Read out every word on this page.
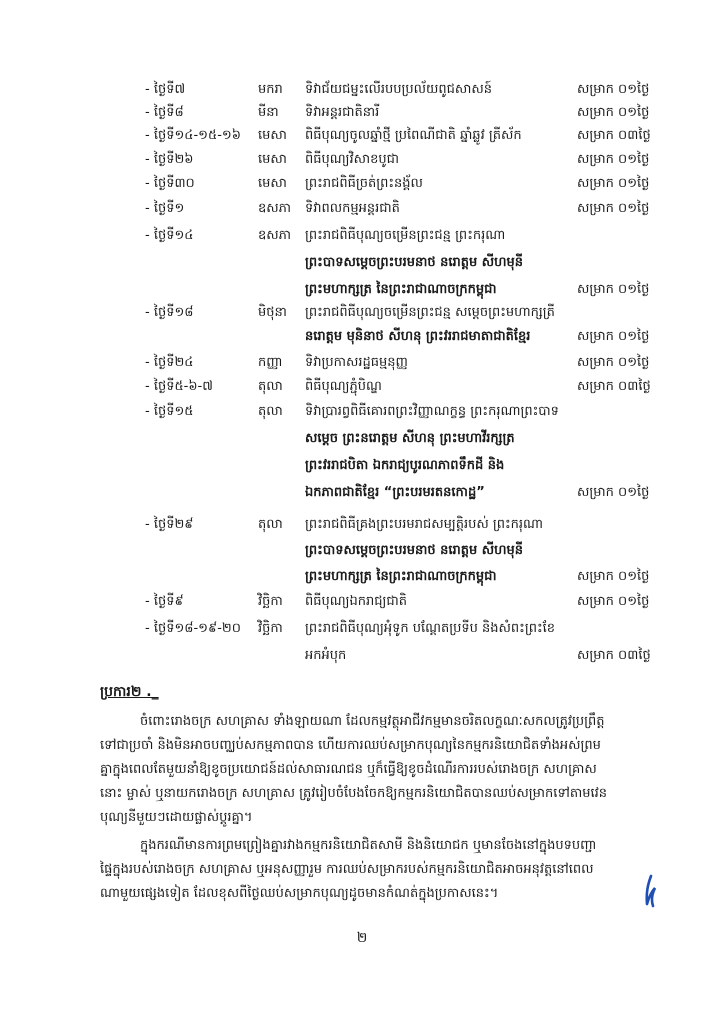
- ថ្ងៃទី៧	មករា ទិវាជ័យជម្នះលើរបបប្រល័យពូជសាសន៍	សម្រាក ០១ថ្ងៃ
- ថ្ងៃទី៨	មីនា ទិវាអន្តរជាតិនារី	សម្រាក ០១ថ្ងៃ
- ថ្ងៃទី១៤-១៥-១៦ មេសា ពិធីបុណ្យចូលឆ្នាំថ្មី ប្រពៃណីជាតិ ឆ្នាំឆ្លូវ ត្រីស័ក	សម្រាក ០៣ថ្ងៃ
- ថ្ងៃទី២៦	មេសា ពិធីបុណ្យវិសាខបូជា	សម្រាក ០១ថ្ងៃ
- ថ្ងៃទី៣០	មេសា ព្រះរាជពិធីច្រត់ព្រះនង្គ័ល	សម្រាក ០១ថ្ងៃ
- ថ្ងៃទី១	ឧសភា ទិវាពលកម្មអន្តរជាតិ	សម្រាក ០១ថ្ងៃ
- ថ្ងៃទី១៤	ឧសភា ព្រះរាជពិធីបុណ្យចម្រើនព្រះជន្ម ព្រះករុណា
ព្រះបាទសម្តេចព្រះបរមនាថ នរោត្តម សីហមុនី
ព្រះមហាក្សត្រ នៃព្រះរាជាណាចក្រកម្ពុជា	សម្រាក ០១ថ្ងៃ
- ថ្ងៃទី១៨	មិថុនា ព្រះរាជពិធីបុណ្យចម្រើនព្រះជន្ម សម្តេចព្រះមហាក្សត្រី
នរោត្តម មុនិនាថ សីហនុ ព្រះវររាជមាតាជាតិខ្មែរ	សម្រាក ០១ថ្ងៃ
- ថ្ងៃទី២៤	កញ្ញា ទិវាប្រកាសរដ្ឋធម្មនុញ្ញ	សម្រាក ០១ថ្ងៃ
- ថ្ងៃទី៥-៦-៧	តុលា ពិធីបុណ្យភ្ជុំបិណ្ឌ	សម្រាក ០៣ថ្ងៃ
- ថ្ងៃទី១៥	តុលា ទិវាប្រារព្វពិធីគោរពព្រះវិញ្ញាណក្ខន្ធ ព្រះករុណាព្រះបាទ
សម្តេច ព្រះនរោត្តម សីហនុ ព្រះមហាវីរក្សត្រ
ព្រះវររាជបិតា ឯករាជ្យបូរណភាពទឹកដី និង
ឯកភាពជាតិខ្មែរ “ព្រះបរមរតនកោដ្ឋ”	សម្រាក ០១ថ្ងៃ
- ថ្ងៃទី២៩	តុលា ព្រះរាជពិធីគ្រងព្រះបរមរាជសម្បត្តិរបស់ ព្រះករុណា
ព្រះបាទសម្តេចព្រះបរមនាថ នរោត្តម សីហមុនី
ព្រះមហាក្សត្រ នៃព្រះរាជាណាចក្រកម្ពុជា	សម្រាក ០១ថ្ងៃ
- ថ្ងៃទី៩	វិច្ឆិកា ពិធីបុណ្យឯករាជ្យជាតិ	សម្រាក ០១ថ្ងៃ
- ថ្ងៃទី១៨-១៩-២០ វិច្ឆិកា ព្រះរាជពិធីបុណ្យអុំទូក បណ្តែតប្រទីប និងសំពះព្រះខែ
អកអំបុក	សម្រាក ០៣ថ្ងៃ
ប្រការ២ ._
ចំពោះរោងចក្រ សហគ្រាស ទាំងឡាយណា ដែលកម្មវត្ថុអាជីវកម្មមានចរិតលក្ខណៈសកលត្រូវប្រព្រឹត្ត
ទៅជាប្រចាំ និងមិនអាចបញ្ឈប់សកម្មភាពបាន ហើយការឈប់សម្រាកបុណ្យនៃកម្មករនិយោជិតទាំងអស់ព្រម
គ្នាក្នុងពេលតែមួយនាំឱ្យខូចប្រយោជន៍ដល់សាធារណជន ឬក៏ធ្វើឱ្យខូចដំណើរការរបស់រោងចក្រ សហគ្រាស
នោះ ម្ចាស់ ឬនាយករោងចក្រ សហគ្រាស ត្រូវរៀបចំបែងចែកឱ្យកម្មករនិយោជិតបានឈប់សម្រាកទៅតាមវេន
បុណ្យនីមួយៗដោយផ្លាស់ប្តូរគ្នា។
ក្នុងករណីមានការព្រមព្រៀងគ្នារវាងកម្មករនិយោជិតសាមី និងនិយោជក ឬមានចែងនៅក្នុងបទបញ្ជា
ផ្ទៃក្នុងរបស់រោងចក្រ សហគ្រាស ឬអនុសញ្ញារួម ការឈប់សម្រាករបស់កម្មករនិយោជិតអាចអនុវត្តនៅពេល
ណាមួយផ្សេងទៀត ដែលខុសពីថ្ងៃឈប់សម្រាកបុណ្យដូចមានកំណត់ក្នុងប្រកាសនេះ។
២
